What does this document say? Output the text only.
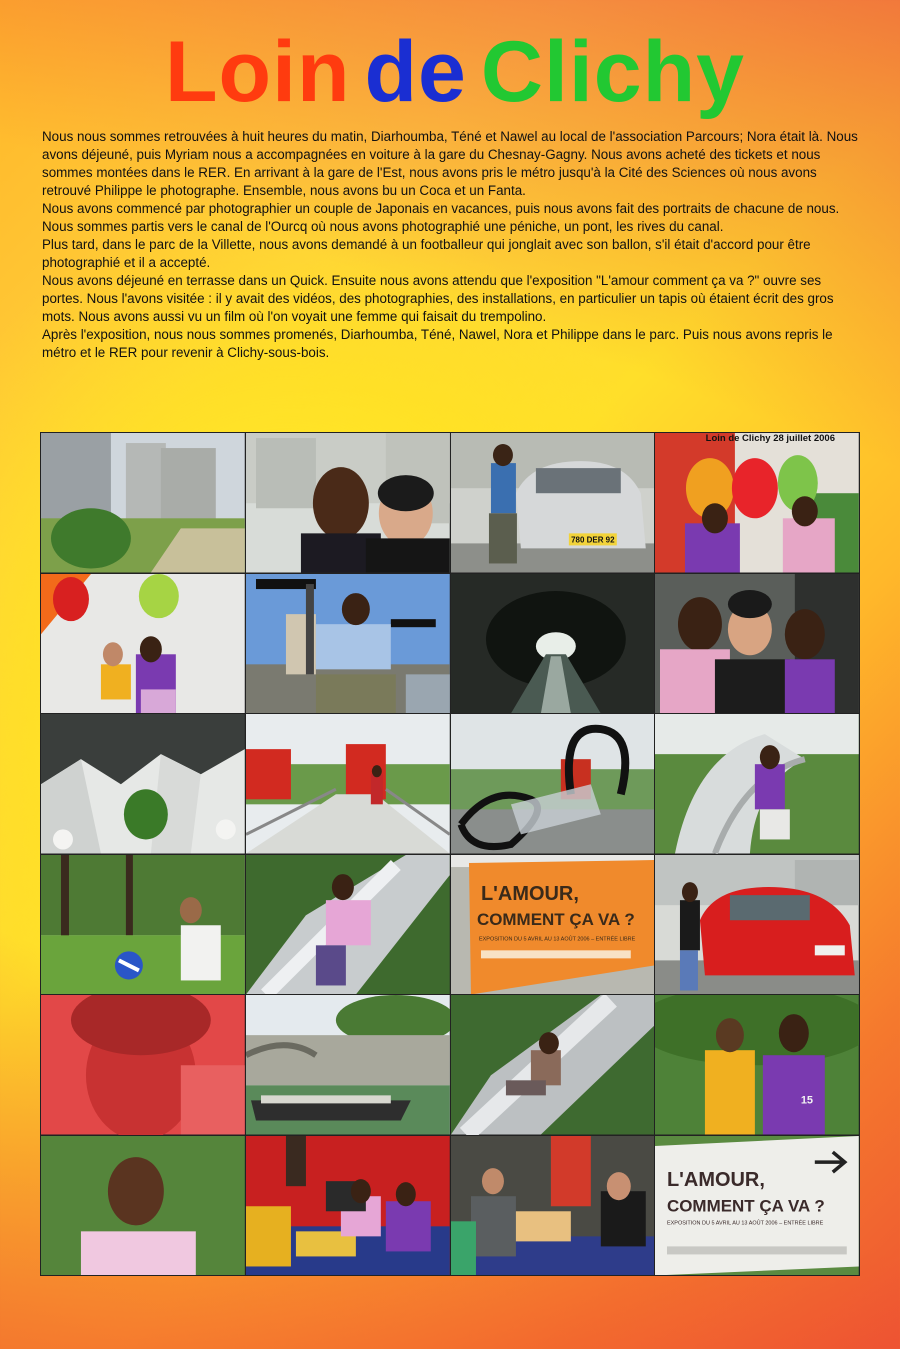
Loin de Clichy

Nous nous sommes retrouvées à huit heures du matin, Diarhoumba, Téné et Nawel au local de l'association Parcours; Nora était là. Nous avons déjeuné, puis Myriam nous a accompagnées en voiture à la gare du Chesnay-Gagny. Nous avons acheté des tickets et nous sommes montées dans le RER. En arrivant à la gare de l'Est, nous avons pris le métro jusqu'à la Cité des Sciences où nous avons retrouvé Philippe le photographe. Ensemble, nous avons bu un Coca et un Fanta.

Nous avons commencé par photographier un couple de Japonais en vacances, puis nous avons fait des portraits de chacune de nous.

Nous sommes partis vers le canal de l'Ourcq où nous avons photographié une péniche, un pont, les rives du canal.

Plus tard, dans le parc de la Villette, nous avons demandé à un footballeur qui jonglait avec son ballon, s'il était d'accord pour être photographié et il a accepté.

Nous avons déjeuné en terrasse dans un Quick. Ensuite nous avons attendu que l'exposition "L'amour comment ça va ?" ouvre ses portes. Nous l'avons visitée : il y avait des vidéos, des photographies, des installations, en particulier un tapis où étaient écrit des gros mots. Nous avons aussi vu un film où l'on voyait une femme qui faisait du trempolino.

Après l'exposition, nous nous sommes promenés, Diarhoumba, Téné, Nawel, Nora et Philippe dans le parc. Puis nous avons repris le métro et le RER pour revenir à Clichy-sous-bois.

780 DER 92
L'AMOUR,
COMMENT ÇA VA ?
EXPOSITION DU 5 AVRIL AU 13 AOÛT 2006 – ENTRÉE LIBRE
15
L'AMOUR,
COMMENT ÇA VA ?
EXPOSITION DU 5 AVRIL AU 13 AOÛT 2006 – ENTRÉE LIBRE
Loin de Clichy 28 juillet 2006
